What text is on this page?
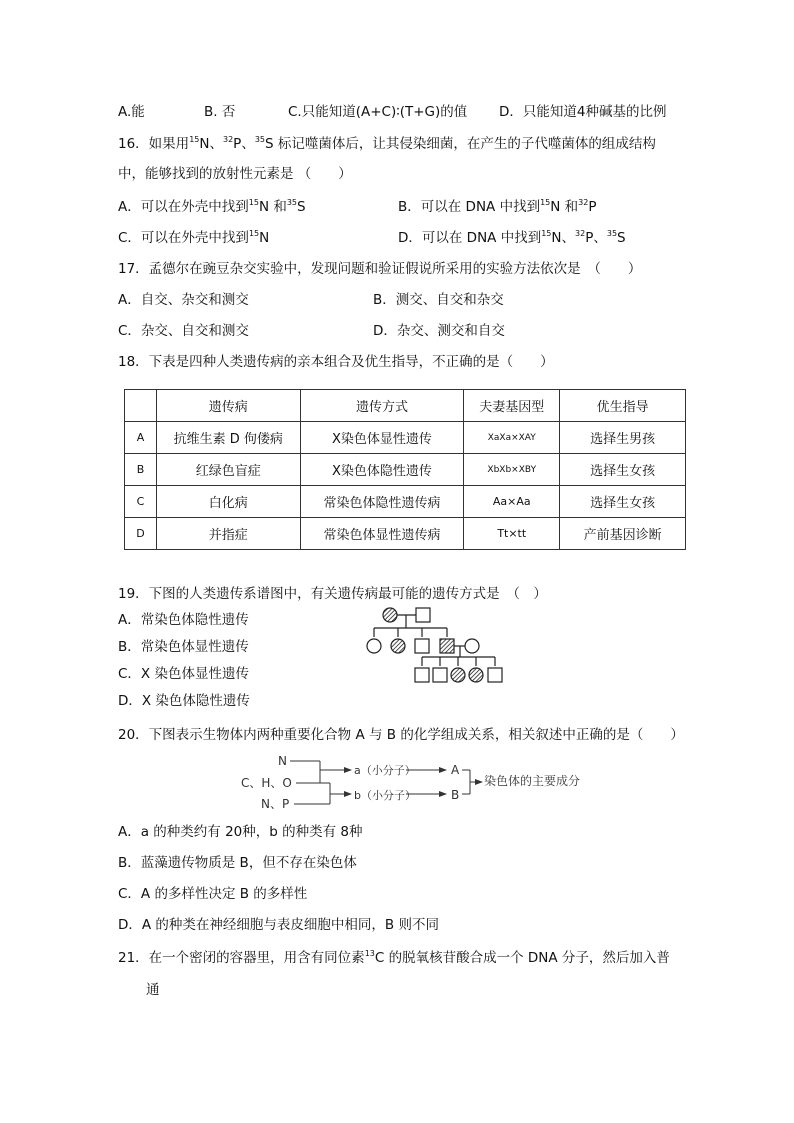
A.能	B. 否	C.只能知道(A+C)∶(T+G)的值 D．只能知道4种碱基的比例
16．如果用$^{15}$N、$^{32}$P、$^{35}$S 标记噬菌体后，让其侵染细菌，在产生的子代噬菌体的组成结构
中，能够找到的放射性元素是 （　　）
A．可以在外壳中找到$^{15}$N 和$^{35}$S	B．可以在 DNA 中找到$^{15}$N 和$^{32}$P
C．可以在外壳中找到$^{15}$N	D．可以在 DNA 中找到$^{15}$N、$^{32}$P、$^{35}$S
17．孟德尔在豌豆杂交实验中，发现问题和验证假说所采用的实验方法依次是　（　　）
A．自交、杂交和测交	B．测交、自交和杂交
C．杂交、自交和测交	D．杂交、测交和自交
18．下表是四种人类遗传病的亲本组合及优生指导，不正确的是（　　）
	遗传病	遗传方式	夫妻基因型	优生指导
A	抗维生素 D 佝偻病	X染色体显性遗传	XaXa×XAY	选择生男孩
B	红绿色盲症	X染色体隐性遗传	XbXb×XBY	选择生女孩
C	白化病	常染色体隐性遗传病	Aa×Aa	选择生女孩
D	并指症	常染色体显性遗传病	Tt×tt	产前基因诊断
19．下图的人类遗传系谱图中，有关遗传病最可能的遗传方式是　（　）
A．常染色体隐性遗传
B．常染色体显性遗传
C．X 染色体显性遗传
D．X 染色体隐性遗传
20．下图表示生物体内两种重要化合物 A 与 B 的化学组成关系，相关叙述中正确的是（　　）
N
C、H、O
N、P
a（小分子）
b（小分子）
A
B
染色体的主要成分
A．a 的种类约有 20种，b 的种类有 8种
B．蓝藻遗传物质是 B，但不存在染色体
C．A 的多样性决定 B 的多样性
D．A 的种类在神经细胞与表皮细胞中相同，B 则不同
21．在一个密闭的容器里，用含有同位素$^{13}$C 的脱氧核苷酸合成一个 DNA 分子，然后加入普
通
